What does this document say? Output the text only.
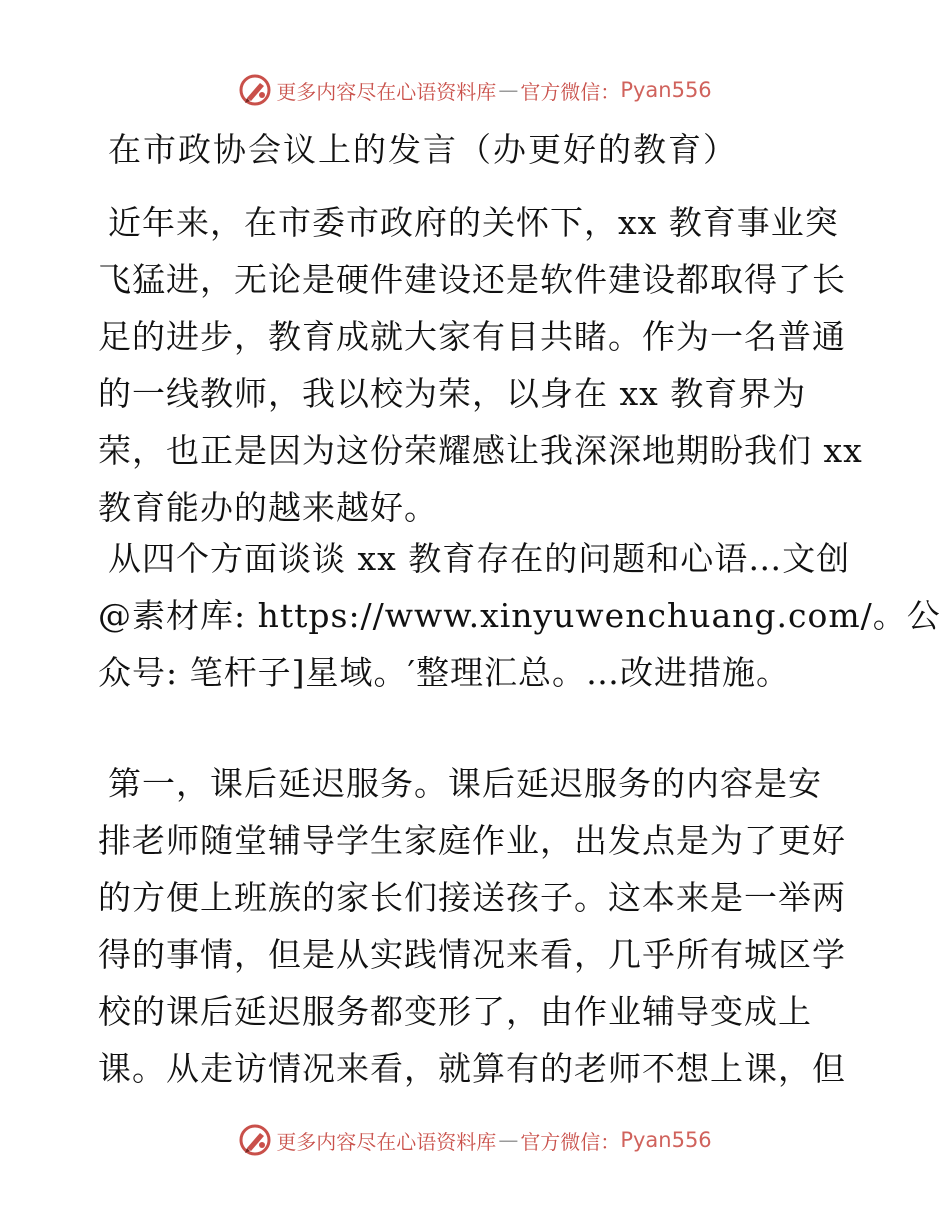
更多内容尽在心语资料库 — 官方微信： Pyan556
在市政协会议上的发言（办更好的教育）
近年来，在市委市政府的关怀下，xx 教育事业突
飞猛进，无论是硬件建设还是软件建设都取得了长
足的进步，教育成就大家有目共睹。作为一名普通
的一线教师，我以校为荣，以身在 xx 教育界为
荣，也正是因为这份荣耀感让我深深地期盼我们 xx
教育能办的越来越好。
从四个方面谈谈 xx 教育存在的问题和心语…文创
@素材库: https://www.xinyuwenchuang.com/。公
众号: 笔杆子]星域。′整理汇总。…改进措施。
第一，课后延迟服务。课后延迟服务的内容是安
排老师随堂辅导学生家庭作业，出发点是为了更好
的方便上班族的家长们接送孩子。这本来是一举两
得的事情，但是从实践情况来看，几乎所有城区学
校的课后延迟服务都变形了，由作业辅导变成上
课。从走访情况来看，就算有的老师不想上课，但
更多内容尽在心语资料库 — 官方微信： Pyan556
